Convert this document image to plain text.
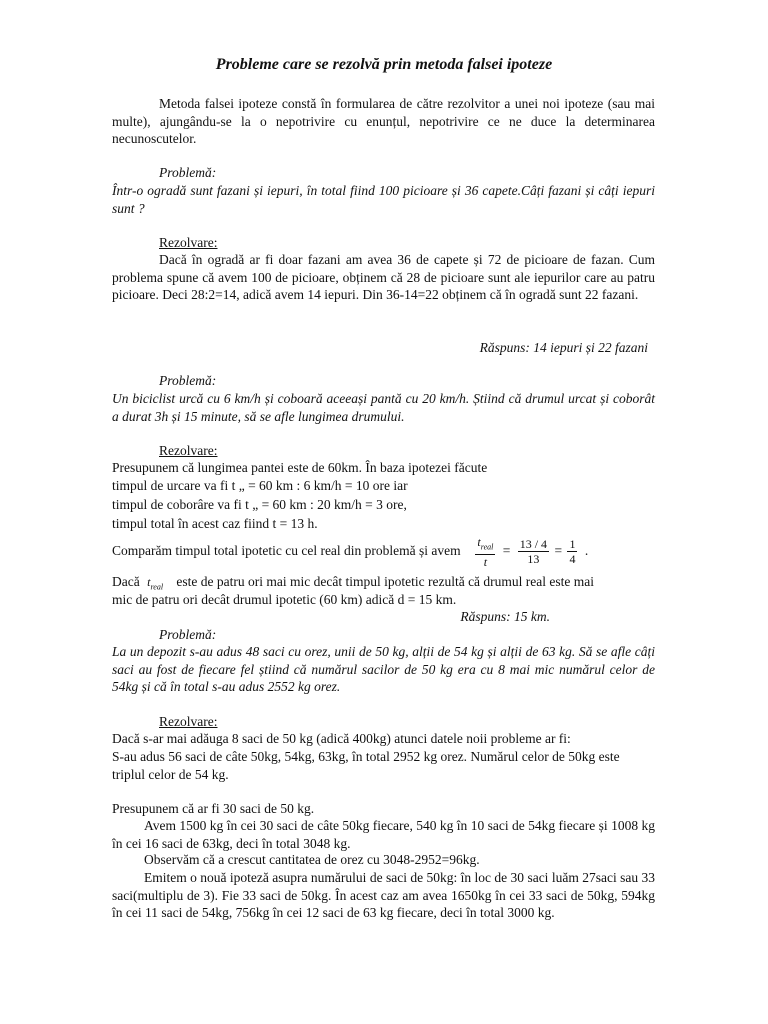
Probleme care se rezolvă prin metoda falsei ipoteze
Metoda falsei ipoteze constă în formularea de către rezolvitor a unei noi ipoteze (sau mai multe), ajungându-se la o nepotrivire cu enunțul, nepotrivire ce ne duce la determinarea necunoscutelor.
Problemă:
Într-o ogradă sunt fazani și iepuri, în total fiind 100 picioare și 36 capete.Câți fazani și câți iepuri sunt ?
Rezolvare:
Dacă în ogradă ar fi doar fazani am avea 36 de capete și 72 de picioare de fazan. Cum problema spune că avem 100 de picioare, obținem că 28 de picioare sunt ale iepurilor care au patru picioare. Deci 28:2=14, adică avem 14 iepuri. Din 36-14=22 obținem că în ogradă sunt 22 fazani.
Răspuns: 14 iepuri și 22 fazani
Problemă:
Un biciclist urcă cu 6 km/h și coboară aceeași pantă cu 20 km/h. Știind că drumul urcat și coborât a durat 3h și 15 minute, să se afle lungimea drumului.
Rezolvare:
Presupunem că lungimea pantei este de 60km. În baza ipotezei făcute
timpul de urcare va fi t „ = 60 km : 6 km/h = 10 ore iar
timpul de coborâre va fi t „ = 60 km : 20 km/h = 3 ore,
timpul total în acest caz fiind t = 13 h.
Comparăm timpul total ipotetic cu cel real din problemă și avem $\frac{t_{real}}{t} = \frac{13 / 4}{13} = \frac{1}{4}$ .
Dacă $t_{real}$ este de patru ori mai mic decât timpul ipotetic rezultă că drumul real este mai
mic de patru ori decât drumul ipotetic (60 km) adică d = 15 km.
Răspuns: 15 km.
Problemă:
La un depozit s-au adus 48 saci cu orez, unii de 50 kg, alții de 54 kg și alții de 63 kg. Să se afle câți saci au fost de fiecare fel știind că numărul sacilor de 50 kg era cu 8 mai mic numărul celor de 54kg și că în total s-au adus 2552 kg orez.
Rezolvare:
Dacă s-ar mai adăuga 8 saci de 50 kg (adică 400kg) atunci datele noii probleme ar fi:
S-au adus 56 saci de câte 50kg, 54kg, 63kg, în total 2952 kg orez. Numărul celor de 50kg este triplul celor de 54 kg.
Presupunem că ar fi 30 saci de 50 kg.
Avem 1500 kg în cei 30 saci de câte 50kg fiecare, 540 kg în 10 saci de 54kg fiecare și 1008 kg în cei 16 saci de 63kg, deci în total 3048 kg.
Observăm că a crescut cantitatea de orez cu 3048-2952=96kg.
Emitem o nouă ipoteză asupra numărului de saci de 50kg: în loc de 30 saci luăm 27saci sau 33 saci(multiplu de 3). Fie 33 saci de 50kg. În acest caz am avea 1650kg în cei 33 saci de 50kg, 594kg în cei 11 saci de 54kg, 756kg în cei 12 saci de 63 kg fiecare, deci în total 3000 kg.
